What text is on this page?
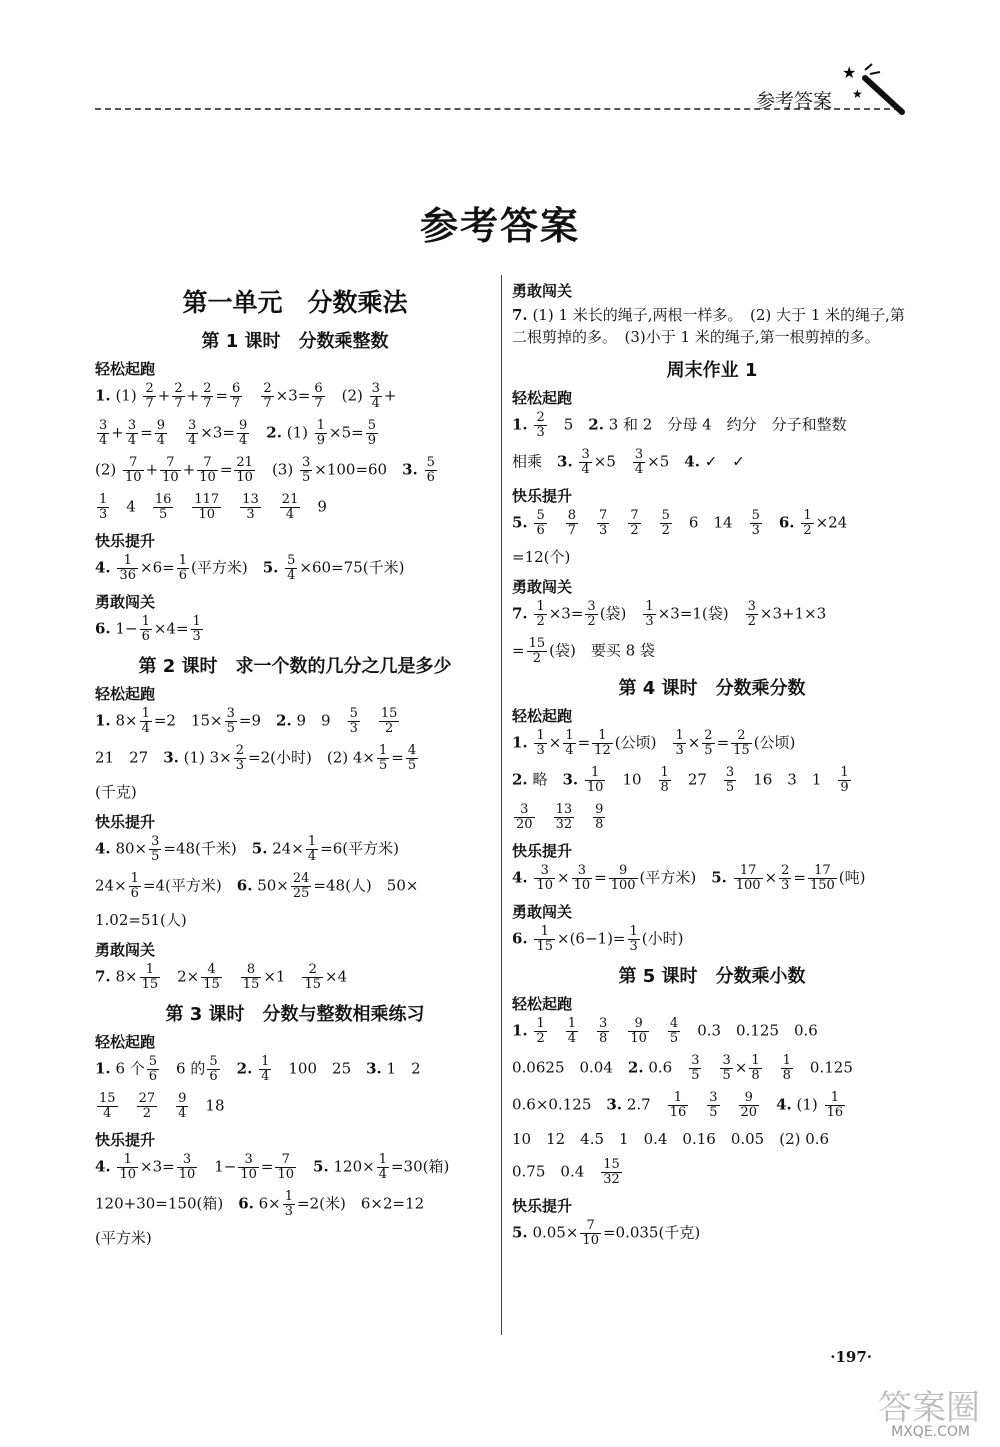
参考答案
★
★
参考答案
第一单元　分数乘法
第 1 课时　分数乘整数
轻松起跑
1. $(1) \frac{2}{7} + \frac{2}{7} + \frac{2}{7} = \frac{6}{7}$
　 $\frac{2}{7} \times 3= \frac{6}{7}$ 　$(2) \frac{3}{4}$ +
$\frac{3}{4} + \frac{3}{4} = \frac{9}{4}$
　 $\frac{3}{4} \times 3= \frac{9}{4}$
　 2. $(1) \frac{1}{9} \times 5= \frac{5}{9}$
$(2) \frac{7}{10} + \frac{7}{10} + \frac{7}{10} = \frac{21}{10}$ 　$(3) \frac{3}{5} \times 100=60$　3. $\frac{5}{6}$
$\frac{1}{3}$ 　4　 $\frac{16}{5}$
　 $\frac{117}{10}$
　 $\frac{13}{3}$
　 $\frac{21}{4}$ 　9
快乐提升
4. $\frac{1}{36} \times 6= \frac{1}{6}$ (平方米)　5. $\frac{5}{4} \times 60=75$(千米)
勇敢闯关
6. $1- \frac{1}{6} \times 4= \frac{1}{3}$
第 2 课时　求一个数的几分之几是多少
轻松起跑
1. $8\times \frac{1}{4} =2$　$15\times \frac{3}{5} =9$　2. 9　9　 $\frac{5}{3}$
　 $\frac{15}{2}$
21　27　3. (1) $3\times \frac{2}{3} =2$(小时)　(2) $4\times \frac{1}{5} = \frac{4}{5}$
(千克)
快乐提升
4. $80\times \frac{3}{5} =48$(千米)　5. $24\times \frac{1}{4} =6$(平方米)
$24\times \frac{1}{6} =4$(平方米)　6. $50\times \frac{24}{25} =48$(人)　50×
1.02=51(人)
勇敢闯关
7. $8\times \frac{1}{15}$ 　$2\times \frac{4}{15}$
　 $\frac{8}{15} \times 1$　 $\frac{2}{15} \times 4$
第 3 课时　分数与整数相乘练习
轻松起跑
1. 6 个 $\frac{5}{6}$ 　6 的 $\frac{5}{6}$
　 2. $\frac{1}{4}$ 　100　25　3. 1　2
$\frac{15}{4}$
　 $\frac{27}{2}$
　 $\frac{9}{4}$ 　18
快乐提升
4. $\frac{1}{10} \times 3= \frac{3}{10}$ 　$1- \frac{3}{10} = \frac{7}{10}$
　 5. $120\times \frac{1}{4} =30$(箱)
120+30=150(箱)　6. $6\times \frac{1}{3} =2$(米)　6×2=12
(平方米)
勇敢闯关
7. (1) 1 米长的绳子,两根一样多。　(2) 大于 1 米的绳子,第二根剪掉的多。　(3)小于 1 米的绳子,第一根剪掉的多。
周末作业 1
轻松起跑
1. $\frac{2}{3}$ 　5　2. 3 和 2　分母 4　约分　分子和整数
相乘　3. $\frac{3}{4} \times 5$　 $\frac{3}{4} \times 5$　4. ✓　✓
快乐提升
5. $\frac{5}{6}$
　 $\frac{8}{7}$
　 $\frac{7}{3}$
　 $\frac{7}{2}$
　 $\frac{5}{2}$ 　6　14　 $\frac{5}{3}$
　 6. $\frac{1}{2} \times 24$
=12(个)
勇敢闯关
7. $\frac{1}{2} \times 3= \frac{3}{2}$ (袋)　 $\frac{1}{3} \times 3=1$(袋)　 $\frac{3}{2} \times 3+1\times 3$
= $\frac{15}{2}$ (袋)　要买 8 袋
第 4 课时　分数乘分数
轻松起跑
1. $\frac{1}{3} \times \frac{1}{4} = \frac{1}{12}$ (公顷)　 $\frac{1}{3} \times \frac{2}{5} = \frac{2}{15}$ (公顷)
2. 略　3. $\frac{1}{10}$ 　10　 $\frac{1}{8}$ 　27　 $\frac{3}{5}$ 　16　3　1　 $\frac{1}{9}$
$\frac{3}{20}$
　 $\frac{13}{32}$
　 $\frac{9}{8}$
快乐提升
4. $\frac{3}{10} \times \frac{3}{10} = \frac{9}{100}$ (平方米)　5. $\frac{17}{100} \times \frac{2}{3} = \frac{17}{150}$ (吨)
勇敢闯关
6. $\frac{1}{15} \times(6-1)= \frac{1}{3}$ (小时)
第 5 课时　分数乘小数
轻松起跑
1. $\frac{1}{2}$
　 $\frac{1}{4}$
　 $\frac{3}{8}$
　 $\frac{9}{10}$
　 $\frac{4}{5}$ 　0.3　0.125　0.6
0.0625　0.04　2. 0.6　 $\frac{3}{5}$
　 $\frac{3}{5} \times \frac{1}{8}$
　 $\frac{1}{8}$ 　0.125
0.6×0.125　3. 2.7　 $\frac{1}{16}$
　 $\frac{3}{5}$
　 $\frac{9}{20}$
　 4. $(1) \frac{1}{16}$
10　12　4.5　1　0.4　0.16　0.05　(2) 0.6
0.75　0.4　 $\frac{15}{32}$
快乐提升
5. $0.05\times \frac{7}{10} =0.035$(千克)
·197·
答案圈
MXQE.COM
